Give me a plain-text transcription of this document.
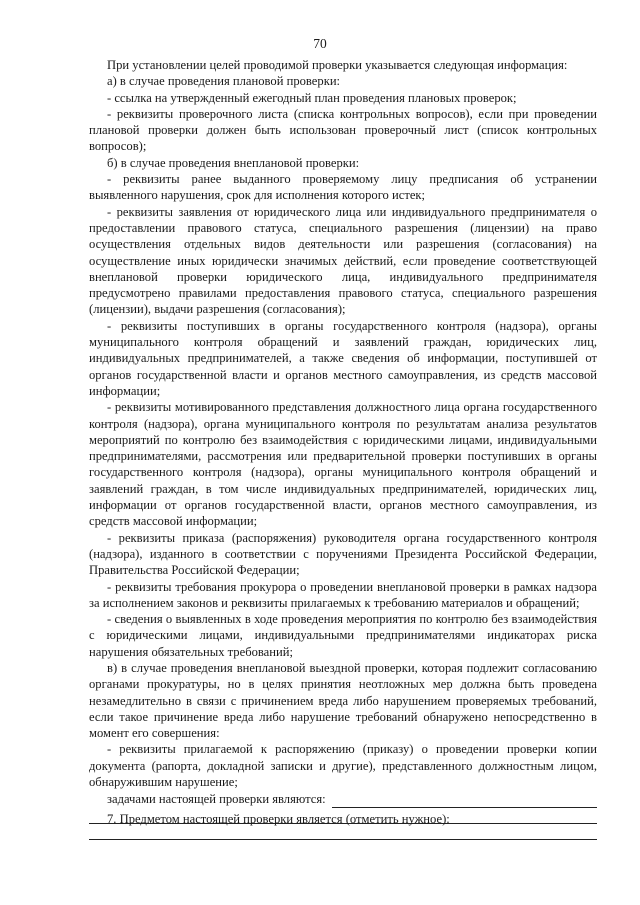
70

При установлении целей проводимой проверки указывается следующая информация:

а) в случае проведения плановой проверки:

- ссылка на утвержденный ежегодный план проведения плановых проверок;

- реквизиты проверочного листа (списка контрольных вопросов), если при проведении плановой проверки должен быть использован проверочный лист (список контрольных вопросов);

б) в случае проведения внеплановой проверки:

- реквизиты ранее выданного проверяемому лицу предписания об устранении выявленного нарушения, срок для исполнения которого истек;

- реквизиты заявления от юридического лица или индивидуального предпринимателя о предоставлении правового статуса, специального разрешения (лицензии) на право осуществления отдельных видов деятельности или разрешения (согласования) на осуществление иных юридически значимых действий, если проведение соответствующей внеплановой проверки юридического лица, индивидуального предпринимателя предусмотрено правилами предоставления правового статуса, специального разрешения (лицензии), выдачи разрешения (согласования);

- реквизиты поступивших в органы государственного контроля (надзора), органы муниципального контроля обращений и заявлений граждан, юридических лиц, индивидуальных предпринимателей, а также сведения об информации, поступившей от органов государственной власти и органов местного самоуправления, из средств массовой информации;

- реквизиты мотивированного представления должностного лица органа государственного контроля (надзора), органа муниципального контроля по результатам анализа результатов мероприятий по контролю без взаимодействия с юридическими лицами, индивидуальными предпринимателями, рассмотрения или предварительной проверки поступивших в органы государственного контроля (надзора), органы муниципального контроля обращений и заявлений граждан, в том числе индивидуальных предпринимателей, юридических лиц, информации от органов государственной власти, органов местного самоуправления, из средств массовой информации;

- реквизиты приказа (распоряжения) руководителя органа государственного контроля (надзора), изданного в соответствии с поручениями Президента Российской Федерации, Правительства Российской Федерации;

- реквизиты требования прокурора о проведении внеплановой проверки в рамках надзора за исполнением законов и реквизиты прилагаемых к требованию материалов и обращений;

- сведения о выявленных в ходе проведения мероприятия по контролю без взаимодействия с юридическими лицами, индивидуальными предпринимателями индикаторах риска нарушения обязательных требований;

в) в случае проведения внеплановой выездной проверки, которая подлежит согласованию органами прокуратуры, но в целях принятия неотложных мер должна быть проведена незамедлительно в связи с причинением вреда либо нарушением проверяемых требований, если такое причинение вреда либо нарушение требований обнаружено непосредственно в момент его совершения:

- реквизиты прилагаемой к распоряжению (приказу) о проведении проверки копии документа (рапорта, докладной записки и другие), представленного должностным лицом, обнаружившим нарушение;

задачами настоящей проверки являются:
7. Предметом настоящей проверки является (отметить нужное):
